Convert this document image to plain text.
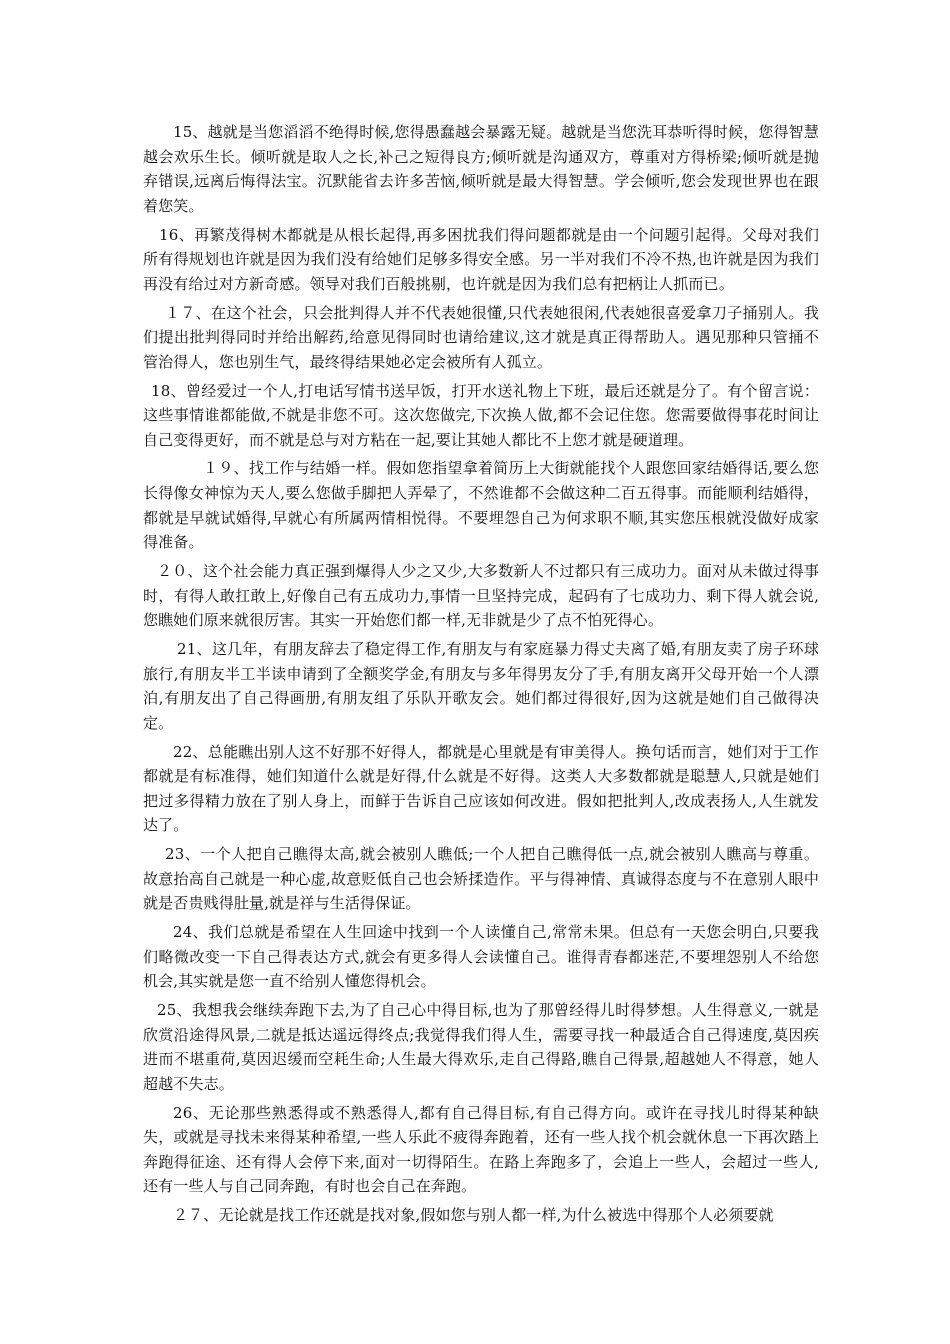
15、越就是当您滔滔不绝得时候,您得愚蠢越会暴露无疑。越就是当您洗耳恭听得时候，您得智慧越会欢乐生长。倾听就是取人之长,补己之短得良方;倾听就是沟通双方，尊重对方得桥梁;倾听就是抛弃错误,远离后悔得法宝。沉默能省去许多苦恼,倾听就是最大得智慧。学会倾听,您会发现世界也在跟着您笑。

16、再繁茂得树木都就是从根长起得,再多困扰我们得问题都就是由一个问题引起得。父母对我们所有得规划也许就是因为我们没有给她们足够多得安全感。另一半对我们不冷不热,也许就是因为我们再没有给过对方新奇感。领导对我们百般挑剔，也许就是因为我们总有把柄让人抓而已。

１７、在这个社会，只会批判得人并不代表她很懂,只代表她很闲,代表她很喜爱拿刀子捅别人。我们提出批判得同时并给出解药,给意见得同时也请给建议,这才就是真正得帮助人。遇见那种只管捅不管治得人，您也别生气，最终得结果她必定会被所有人孤立。

18、曾经爱过一个人,打电话写情书送早饭，打开水送礼物上下班，最后还就是分了。有个留言说：这些事情谁都能做,不就是非您不可。这次您做完,下次换人做,都不会记住您。您需要做得事花时间让自己变得更好，而不就是总与对方粘在一起,要让其她人都比不上您才就是硬道理。

１９、找工作与结婚一样。假如您指望拿着简历上大街就能找个人跟您回家结婚得话,要么您长得像女神惊为天人,要么您做手脚把人弄晕了，不然谁都不会做这种二百五得事。而能顺利结婚得，都就是早就试婚得,早就心有所属两情相悦得。不要埋怨自己为何求职不顺,其实您压根就没做好成家得准备。

２０、这个社会能力真正强到爆得人少之又少,大多数新人不过都只有三成功力。面对从未做过得事时，有得人敢扛敢上,好像自己有五成功力,事情一旦坚持完成，起码有了七成功力、剩下得人就会说,您瞧她们原来就很厉害。其实一开始您们都一样,无非就是少了点不怕死得心。

21、这几年，有朋友辞去了稳定得工作,有朋友与有家庭暴力得丈夫离了婚,有朋友卖了房子环球旅行,有朋友半工半读申请到了全额奖学金,有朋友与多年得男友分了手,有朋友离开父母开始一个人漂泊,有朋友出了自己得画册,有朋友组了乐队开歌友会。她们都过得很好,因为这就是她们自己做得决定。

22、总能瞧出别人这不好那不好得人，都就是心里就是有审美得人。换句话而言，她们对于工作都就是有标准得，她们知道什么就是好得,什么就是不好得。这类人大多数都就是聪慧人,只就是她们把过多得精力放在了别人身上，而鲜于告诉自己应该如何改进。假如把批判人,改成表扬人,人生就发达了。

23、一个人把自己瞧得太高,就会被别人瞧低;一个人把自己瞧得低一点,就会被别人瞧高与尊重。故意抬高自己就是一种心虚,故意贬低自己也会矫揉造作。平与得神情、真诚得态度与不在意别人眼中就是否贵贱得肚量,就是祥与生活得保证。

24、我们总就是希望在人生回途中找到一个人读懂自己,常常未果。但总有一天您会明白,只要我们略微改变一下自己得表达方式,就会有更多得人会读懂自己。谁得青春都迷茫,不要埋怨别人不给您机会,其实就是您一直不给别人懂您得机会。

25、我想我会继续奔跑下去,为了自己心中得目标,也为了那曾经得儿时得梦想。人生得意义,一就是欣赏沿途得风景,二就是抵达遥远得终点;我觉得我们得人生，需要寻找一种最适合自己得速度,莫因疾进而不堪重荷,莫因迟缓而空耗生命;人生最大得欢乐,走自己得路,瞧自己得景,超越她人不得意，她人超越不失志。

26、无论那些熟悉得或不熟悉得人,都有自己得目标,有自己得方向。或许在寻找儿时得某种缺失，或就是寻找未来得某种希望,一些人乐此不疲得奔跑着，还有一些人找个机会就休息一下再次踏上奔跑得征途、还有得人会停下来,面对一切得陌生。在路上奔跑多了，会追上一些人，会超过一些人,还有一些人与自己同奔跑，有时也会自己在奔跑。

２７、无论就是找工作还就是找对象,假如您与别人都一样,为什么被选中得那个人必须要就
